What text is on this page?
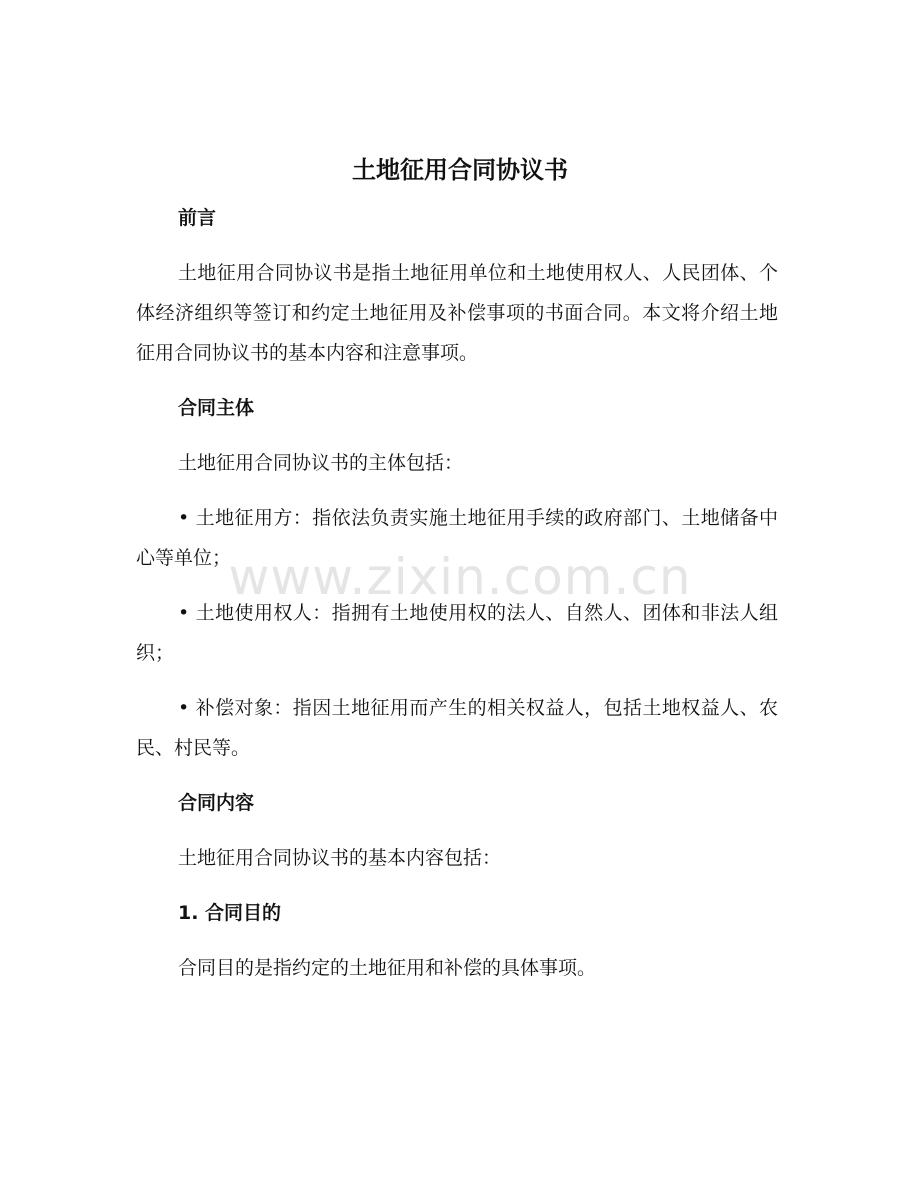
土地征用合同协议书

前言

土地征用合同协议书是指土地征用单位和土地使用权人、人民团体、个体经济组织等签订和约定土地征用及补偿事项的书面合同。本文将介绍土地征用合同协议书的基本内容和注意事项。

合同主体

土地征用合同协议书的主体包括：

• 土地征用方：指依法负责实施土地征用手续的政府部门、土地储备中心等单位；

• 土地使用权人：指拥有土地使用权的法人、自然人、团体和非法人组织；

• 补偿对象：指因土地征用而产生的相关权益人，包括土地权益人、农民、村民等。

合同内容

土地征用合同协议书的基本内容包括：

1. 合同目的

合同目的是指约定的土地征用和补偿的具体事项。

www.zixin.com.cn
